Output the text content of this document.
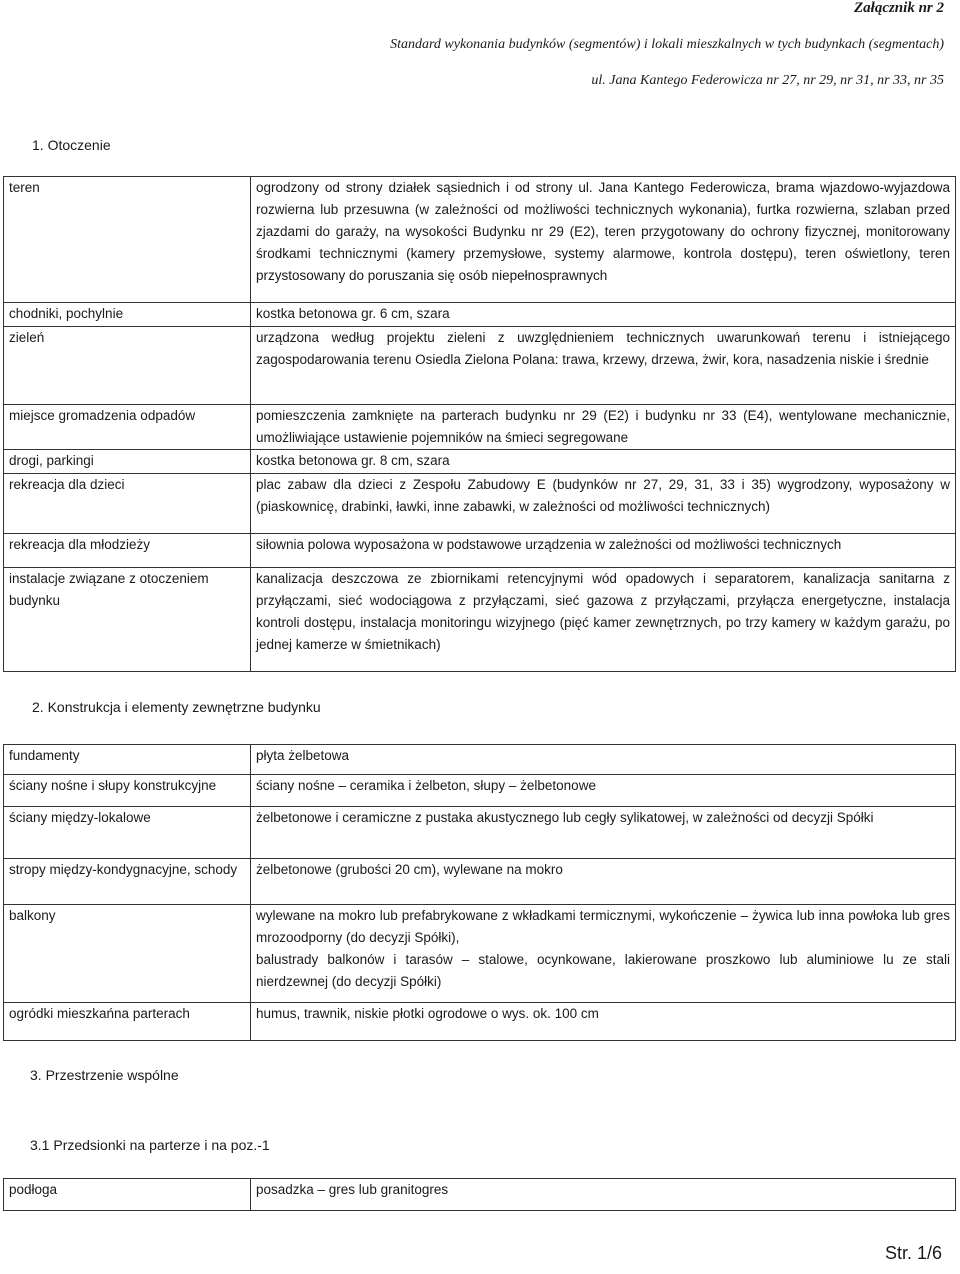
Załącznik nr 2
Standard wykonania budynków (segmentów) i lokali mieszkalnych w tych budynkach (segmentach)
ul. Jana Kantego Federowicza nr 27, nr 29, nr 31, nr 33, nr 35
1. Otoczenie
teren	ogrodzony od strony działek sąsiednich i od strony ul. Jana Kantego Federowicza, brama wjazdowo-wyjazdowa rozwierna lub przesuwna (w zależności od możliwości technicznych wykonania), furtka rozwierna, szlaban przed zjazdami do garaży, na wysokości Budynku nr 29 (E2), teren przygotowany do ochrony fizycznej, monitorowany środkami technicznymi (kamery przemysłowe, systemy alarmowe, kontrola dostępu), teren oświetlony, teren przystosowany do poruszania się osób niepełnosprawnych
chodniki, pochylnie	kostka betonowa gr. 6 cm, szara
zieleń	urządzona według projektu zieleni z uwzględnieniem technicznych uwarunkowań terenu i istniejącego zagospodarowania terenu Osiedla Zielona Polana: trawa, krzewy, drzewa, żwir, kora, nasadzenia niskie i średnie
miejsce gromadzenia odpadów	pomieszczenia zamknięte na parterach budynku nr 29 (E2) i budynku nr 33 (E4), wentylowane mechanicznie, umożliwiające ustawienie pojemników na śmieci segregowane
drogi, parkingi	kostka betonowa gr. 8 cm, szara
rekreacja dla dzieci	plac zabaw dla dzieci z Zespołu Zabudowy E (budynków nr 27, 29, 31, 33 i 35) wygrodzony, wyposażony w (piaskownicę, drabinki, ławki, inne zabawki, w zależności od możliwości technicznych)
rekreacja dla młodzieży	siłownia polowa wyposażona w podstawowe urządzenia w zależności od możliwości technicznych
instalacje związane z otoczeniem budynku	kanalizacja deszczowa ze zbiornikami retencyjnymi wód opadowych i separatorem, kanalizacja sanitarna z przyłączami, sieć wodociągowa z przyłączami, sieć gazowa z przyłączami, przyłącza energetyczne, instalacja kontroli dostępu, instalacja monitoringu wizyjnego (pięć kamer zewnętrznych, po trzy kamery w każdym garażu, po jednej kamerze w śmietnikach)
2. Konstrukcja i elementy zewnętrzne budynku
fundamenty	płyta żelbetowa
ściany nośne i słupy konstrukcyjne	ściany nośne – ceramika i żelbeton, słupy – żelbetonowe
ściany między-lokalowe	żelbetonowe i ceramiczne z pustaka akustycznego lub cegły sylikatowej, w zależności od decyzji Spółki
stropy między-kondygnacyjne, schody	żelbetonowe (grubości 20 cm), wylewane na mokro
balkony	wylewane na mokro lub prefabrykowane z wkładkami termicznymi, wykończenie – żywica lub inna powłoka lub gres mrozoodporny (do decyzji Spółki),
balustrady balkonów i tarasów – stalowe, ocynkowane, lakierowane proszkowo lub aluminiowe lu ze stali nierdzewnej (do decyzji Spółki)

ogródki mieszkańna parterach	humus, trawnik, niskie płotki ogrodowe o wys. ok. 100 cm
3. Przestrzenie wspólne
3.1 Przedsionki na parterze i na poz.-1
podłoga	posadzka – gres lub granitogres
Str. 1/6
